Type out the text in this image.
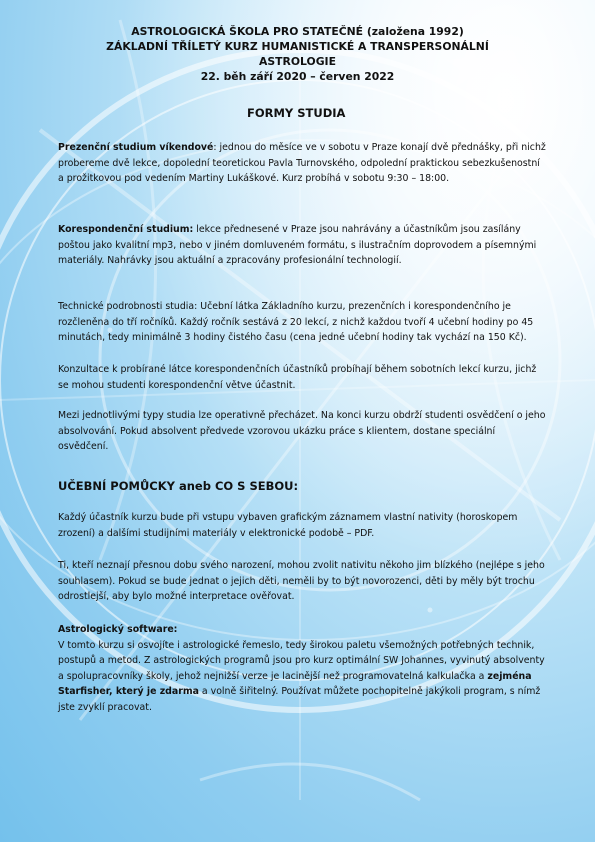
ASTROLOGICKÁ ŠKOLA PRO STATEČNÉ (založena 1992)
ZÁKLADNÍ TŘÍLETÝ KURZ HUMANISTICKÉ A TRANSPERSONÁLNÍ
ASTROLOGIE
22. běh září 2020 – červen 2022
FORMY STUDIA

Prezenční studium víkendové: jednou do měsíce ve v sobotu v Praze konají dvě přednášky, při nichž probereme dvě lekce, dopolední teoretickou Pavla Turnovského, odpolední praktickou sebezkušenostní a prožitkovou pod vedením Martiny Lukáškové. Kurz probíhá v sobotu 9:30 – 18:00.

Korespondenční studium: lekce přednesené v Praze jsou nahrávány a účastníkům jsou zasílány poštou jako kvalitní mp3, nebo v jiném domluveném formátu, s ilustračním doprovodem a písemnými materiály. Nahrávky jsou aktuální a zpracovány profesionální technologií.

Technické podrobnosti studia: Učební látka Základního kurzu, prezenčních i korespondenčního je rozčleněna do tří ročníků. Každý ročník sestává z 20 lekcí, z nichž každou tvoří 4 učební hodiny po 45 minutách, tedy minimálně 3 hodiny čistého času (cena jedné učební hodiny tak vychází na 150 Kč).

Konzultace k probírané látce korespondenčních účastníků probíhají během sobotních lekcí kurzu, jichž se mohou studenti korespondenční větve účastnit.

Mezi jednotlivými typy studia lze operativně přecházet. Na konci kurzu obdrží studenti osvědčení o jeho absolvování. Pokud absolvent předvede vzorovou ukázku práce s klientem, dostane speciální osvědčení.

UČEBNÍ POMŮCKY aneb CO S SEBOU:

Každý účastník kurzu bude při vstupu vybaven grafickým záznamem vlastní nativity (horoskopem zrození) a dalšími studijními materiály v elektronické podobě – PDF.

Ti, kteří neznají přesnou dobu svého narození, mohou zvolit nativitu někoho jim blízkého (nejlépe s jeho souhlasem). Pokud se bude jednat o jejich děti, neměli by to být novorozenci, děti by měly být trochu odrostlejší, aby bylo možné interpretace ověřovat.

Astrologický software:
V tomto kurzu si osvojíte i astrologické řemeslo, tedy širokou paletu všemožných potřebných technik, postupů a metod. Z astrologických programů jsou pro kurz optimální SW Johannes, vyvinutý absolventy a spolupracovníky školy, jehož nejnižší verze je lacinější než programovatelná kalkulačka a zejména Starfisher, který je zdarma a volně šiřitelný. Používat můžete pochopitelně jakýkoli program, s nímž jste zvyklí pracovat.
